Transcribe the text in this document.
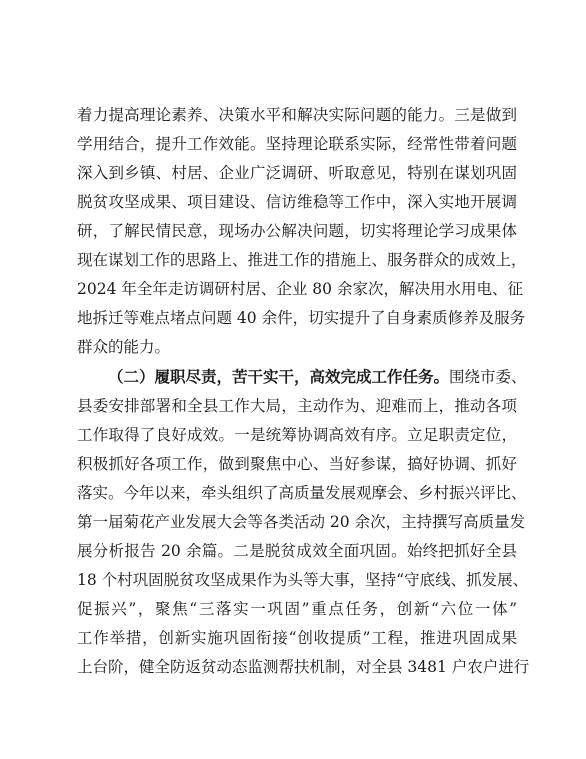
着力提高理论素养、决策水平和解决实际问题的能力。三是做到
学用结合，提升工作效能。坚持理论联系实际，经常性带着问题
深入到乡镇、村居、企业广泛调研、听取意见，特别在谋划巩固
脱贫攻坚成果、项目建设、信访维稳等工作中，深入实地开展调
研，了解民情民意，现场办公解决问题，切实将理论学习成果体
现在谋划工作的思路上、推进工作的措施上、服务群众的成效上，
2024 年全年走访调研村居、企业 80 余家次，解决用水用电、征
地拆迁等难点堵点问题 40 余件，切实提升了自身素质修养及服务
群众的能力。
（二）履职尽责，苦干实干，高效完成工作任务。围绕市委、
县委安排部署和全县工作大局，主动作为、迎难而上，推动各项
工作取得了良好成效。一是统筹协调高效有序。立足职责定位，
积极抓好各项工作，做到聚焦中心、当好参谋，搞好协调、抓好
落实。今年以来，牵头组织了高质量发展观摩会、乡村振兴评比、
第一届菊花产业发展大会等各类活动 20 余次，主持撰写高质量发
展分析报告 20 余篇。二是脱贫成效全面巩固。始终把抓好全县
18 个村巩固脱贫攻坚成果作为头等大事，坚持“守底线、抓发展、
促振兴”，聚焦“三落实一巩固”重点任务，创新“六位一体”
工作举措，创新实施巩固衔接“创收提质”工程，推进巩固成果
上台阶，健全防返贫动态监测帮扶机制，对全县 3481 户农户进行
